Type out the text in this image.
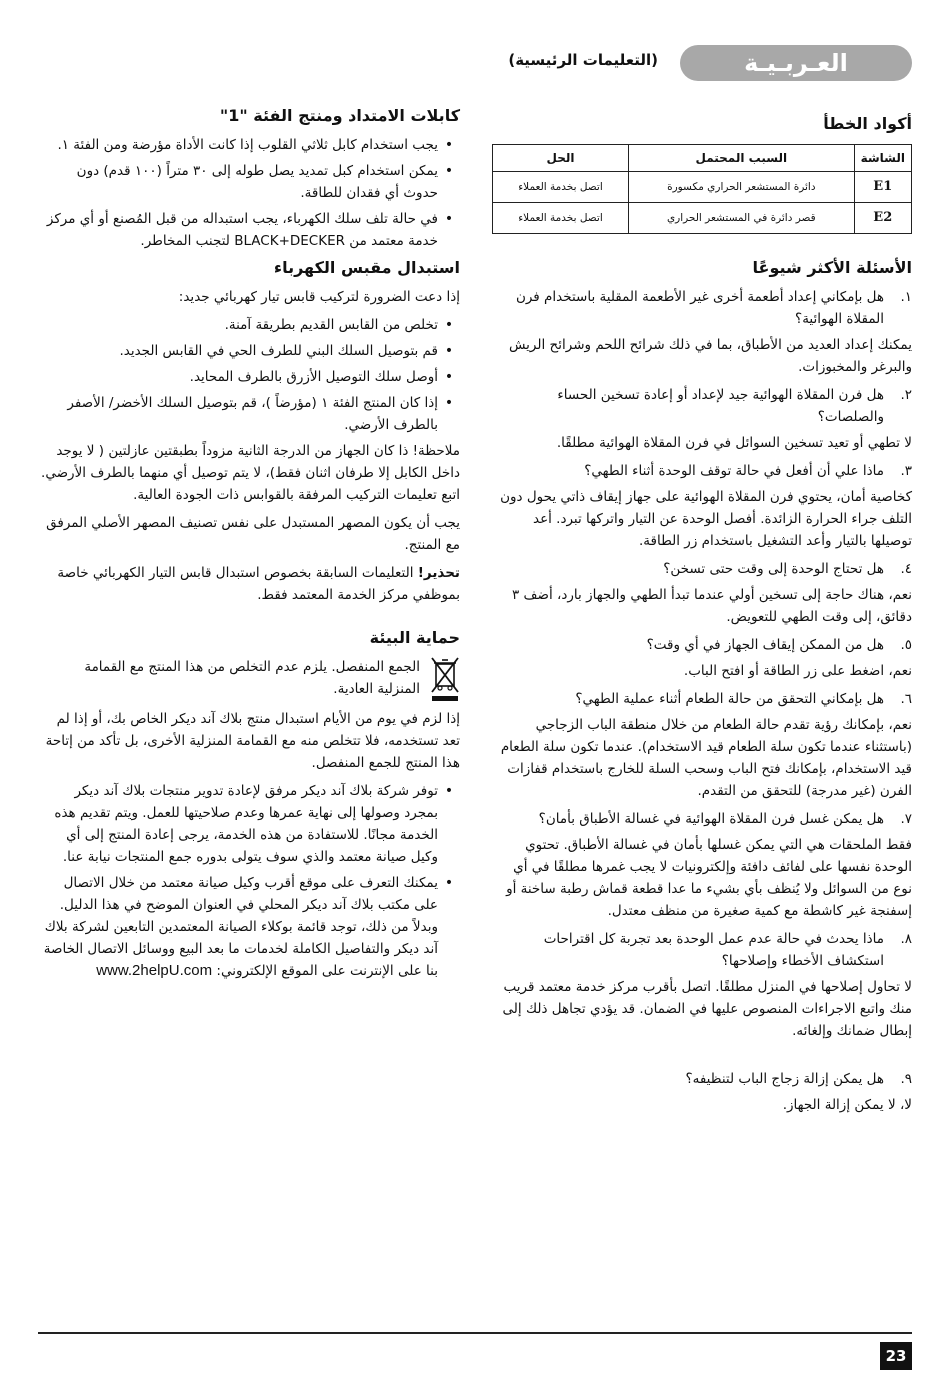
العـربـيـة
(التعليمات الرئيسية)
أكواد الخطأ
الشاشة	السبب المحتمل	الحل
E1	دائرة المستشعر الحراري مكسورة	اتصل بخدمة العملاء
E2	قصر دائرة في المستشعر الحراري	اتصل بخدمة العملاء
الأسئلة الأكثر شيوعًا
١.
هل بإمكاني إعداد أطعمة أخرى غير الأطعمة المقلية باستخدام فرن المقلاة الهوائية؟
يمكنك إعداد العديد من الأطباق، بما في ذلك شرائح اللحم وشرائح الريش والبرغر والمخبوزات.
٢.
هل فرن المقلاة الهوائية جيد لإعداد أو إعادة تسخين الحساء والصلصات؟
لا تطهي أو تعيد تسخين السوائل في فرن المقلاة الهوائية مطلقًا.
٣.
ماذا علي أن أفعل في حالة توقف الوحدة أثناء الطهي؟
كخاصية أمان، يحتوي فرن المقلاة الهوائية على جهاز إيقاف ذاتي يحول دون التلف جراء الحرارة الزائدة. أفصل الوحدة عن التيار واتركها تبرد. أعد توصيلها بالتيار وأعد التشغيل باستخدام زر الطاقة.
٤.
هل تحتاج الوحدة إلى وقت حتى تسخن؟
نعم، هناك حاجة إلى تسخين أولي عندما تبدأ الطهي والجهاز بارد، أضف ٣ دقائق، إلى وقت الطهي للتعويض.
٥.
هل من الممكن إيقاف الجهاز في أي وقت؟
نعم، اضغط على زر الطاقة أو افتح الباب.
٦.
هل بإمكاني التحقق من حالة الطعام أثناء عملية الطهي؟
نعم، بإمكانك رؤية تقدم حالة الطعام من خلال منطقة الباب الزجاجي (باستثناء عندما تكون سلة الطعام قيد الاستخدام). عندما تكون سلة الطعام قيد الاستخدام، بإمكانك فتح الباب وسحب السلة للخارج باستخدام قفازات الفرن (غير مدرجة) للتحقق من التقدم.
٧.
هل يمكن غسل فرن المقلاة الهوائية في غسالة الأطباق بأمان؟
فقط الملحقات هي التي يمكن غسلها بأمان في غسالة الأطباق. تحتوي الوحدة نفسها على لفائف دافئة وإلكترونيات لا يجب غمرها مطلقًا في أي نوع من السوائل ولا يُنظف بأي بشيء ما عدا قطعة قماش رطبة ساخنة أو إسفنجة غير كاشطة مع كمية صغيرة من منظف معتدل.
٨.
ماذا يحدث في حالة عدم عمل الوحدة بعد تجربة كل اقتراحات استكشاف الأخطاء وإصلاحها؟
لا تحاول إصلاحها في المنزل مطلقًا. اتصل بأقرب مركز خدمة معتمد قريب منك واتبع الاجراءات المنصوص عليها في الضمان. قد يؤدي تجاهل ذلك إلى إبطال ضمانك وإلغائه.
٩.
هل يمكن إزالة زجاج الباب لتنظيفه؟
لا، لا يمكن إزالة الجهاز.
كابلات الامتداد ومنتج الفئة "1"
•
يجب استخدام كابل ثلاثي القلوب إذا كانت الأداة مؤرضة ومن الفئة ١.
•
يمكن استخدام كبل تمديد يصل طوله إلى ٣٠ متراً (١٠٠ قدم) دون حدوث أي فقدان للطاقة.
•
في حالة تلف سلك الكهرباء، يجب استبداله من قبل المُصنع أو أي مركز خدمة معتمد من BLACK+DECKER لتجنب المخاطر.
استبدال مقبس الكهرباء
إذا دعت الضرورة لتركيب قابس تيار كهربائي جديد:
•
تخلص من القابس القديم بطريقة آمنة.
•
قم بتوصيل السلك البني للطرف الحي في القابس الجديد.
•
أوصل سلك التوصيل الأزرق بالطرف المحايد.
•
إذا كان المنتج الفئة ١ (مؤرضاً )، قم بتوصيل السلك الأخضر/ الأصفر بالطرف الأرضي.
ملاحظة! ذا كان الجهاز من الدرجة الثانية مزوداً بطبقتين عازلتين ( لا يوجد داخل الكابل إلا طرفان اثنان فقط)، لا يتم توصيل أي منهما بالطرف الأرضي. اتبع تعليمات التركيب المرفقة بالقوابس ذات الجودة العالية.
يجب أن يكون المصهر المستبدل على نفس تصنيف المصهر الأصلي المرفق مع المنتج.
تحذير! التعليمات السابقة بخصوص استبدال قابس التيار الكهربائي خاصة بموظفي مركز الخدمة المعتمد فقط.
حماية البيئة
الجمع المنفصل. يلزم عدم التخلص من هذا المنتج مع القمامة المنزلية العادية.
إذا لزم في يوم من الأيام استبدال منتج بلاك آند ديكر الخاص بك، أو إذا لم تعد تستخدمه، فلا تتخلص منه مع القمامة المنزلية الأخرى، بل تأكد من إتاحة هذا المنتج للجمع المنفصل.
•
توفر شركة بلاك آند ديكر مرفق لإعادة تدوير منتجات بلاك آند ديكر بمجرد وصولها إلى نهاية عمرها وعدم صلاحيتها للعمل. ويتم تقديم هذه الخدمة مجانًا. للاستفادة من هذه الخدمة، يرجى إعادة المنتج إلى أي وكيل صيانة معتمد والذي سوف يتولى بدوره جمع المنتجات نيابة عنا.
•
يمكنك التعرف على موقع أقرب وكيل صيانة معتمد من خلال الاتصال على مكتب بلاك آند ديكر المحلي في العنوان الموضح في هذا الدليل. وبدلاً من ذلك، توجد قائمة بوكلاء الصيانة المعتمدين التابعين لشركة بلاك آند ديكر والتفاصيل الكاملة لخدمات ما بعد البيع ووسائل الاتصال الخاصة بنا على الإنترنت على الموقع الإلكتروني: www.2helpU.com
23
